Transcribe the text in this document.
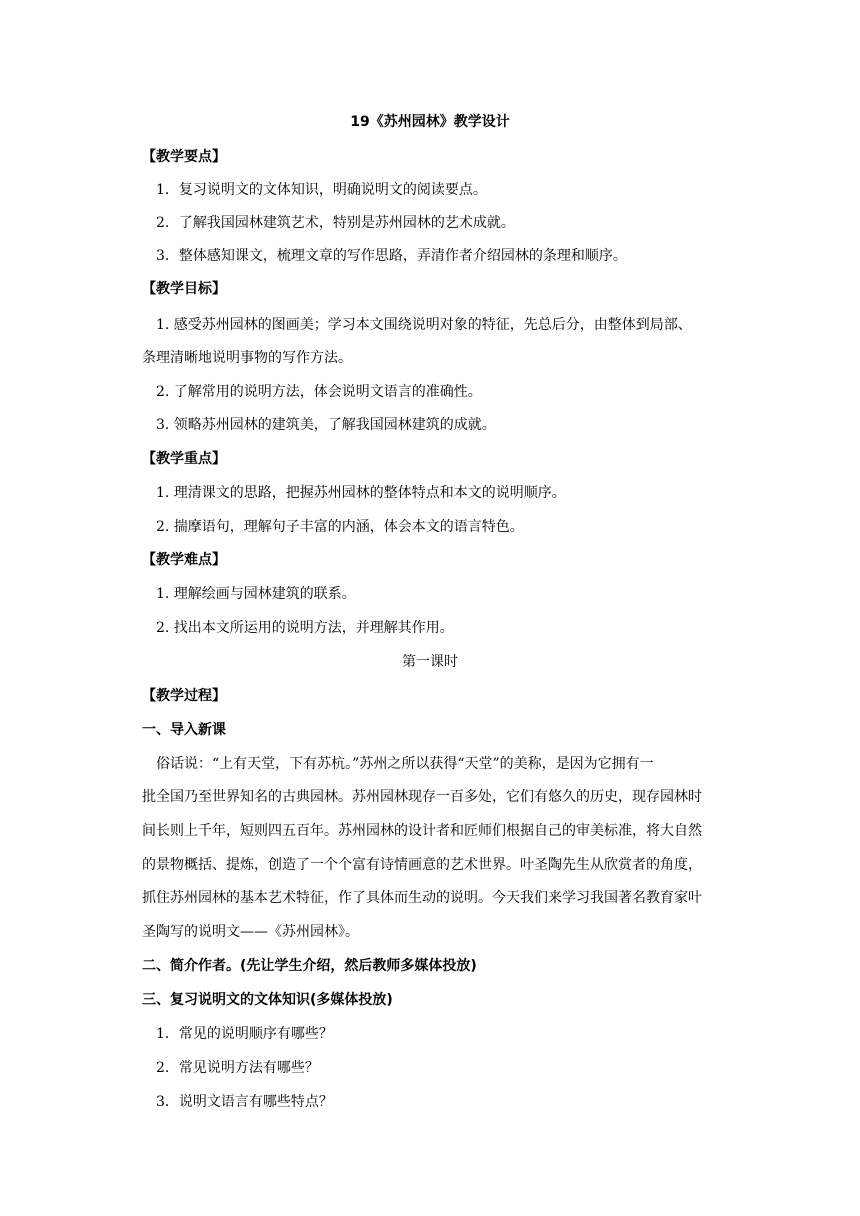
19《苏州园林》教学设计
【教学要点】
1．复习说明文的文体知识，明确说明文的阅读要点。
2．了解我国园林建筑艺术，特别是苏州园林的艺术成就。
3．整体感知课文，梳理文章的写作思路，弄清作者介绍园林的条理和顺序。
【教学目标】
1. 感受苏州园林的图画美；学习本文围绕说明对象的特征，先总后分，由整体到局部、
条理清晰地说明事物的写作方法。
2. 了解常用的说明方法，体会说明文语言的准确性。
3. 领略苏州园林的建筑美，了解我国园林建筑的成就。
【教学重点】
1. 理清课文的思路，把握苏州园林的整体特点和本文的说明顺序。
2. 揣摩语句，理解句子丰富的内涵，体会本文的语言特色。
【教学难点】
1. 理解绘画与园林建筑的联系。
2. 找出本文所运用的说明方法，并理解其作用。
第一课时
【教学过程】
一、导入新课
俗话说：“上有天堂，下有苏杭。”苏州之所以获得“天堂”的美称，是因为它拥有一
批全国乃至世界知名的古典园林。苏州园林现存一百多处，它们有悠久的历史，现存园林时
间长则上千年，短则四五百年。苏州园林的设计者和匠师们根据自己的审美标准，将大自然
的景物概括、提炼，创造了一个个富有诗情画意的艺术世界。叶圣陶先生从欣赏者的角度，
抓住苏州园林的基本艺术特征，作了具体而生动的说明。今天我们来学习我国著名教育家叶
圣陶写的说明文——《苏州园林》。
二、简介作者。(先让学生介绍，然后教师多媒体投放)
三、复习说明文的文体知识(多媒体投放)
1．常见的说明顺序有哪些？
2．常见说明方法有哪些？
3．说明文语言有哪些特点？
